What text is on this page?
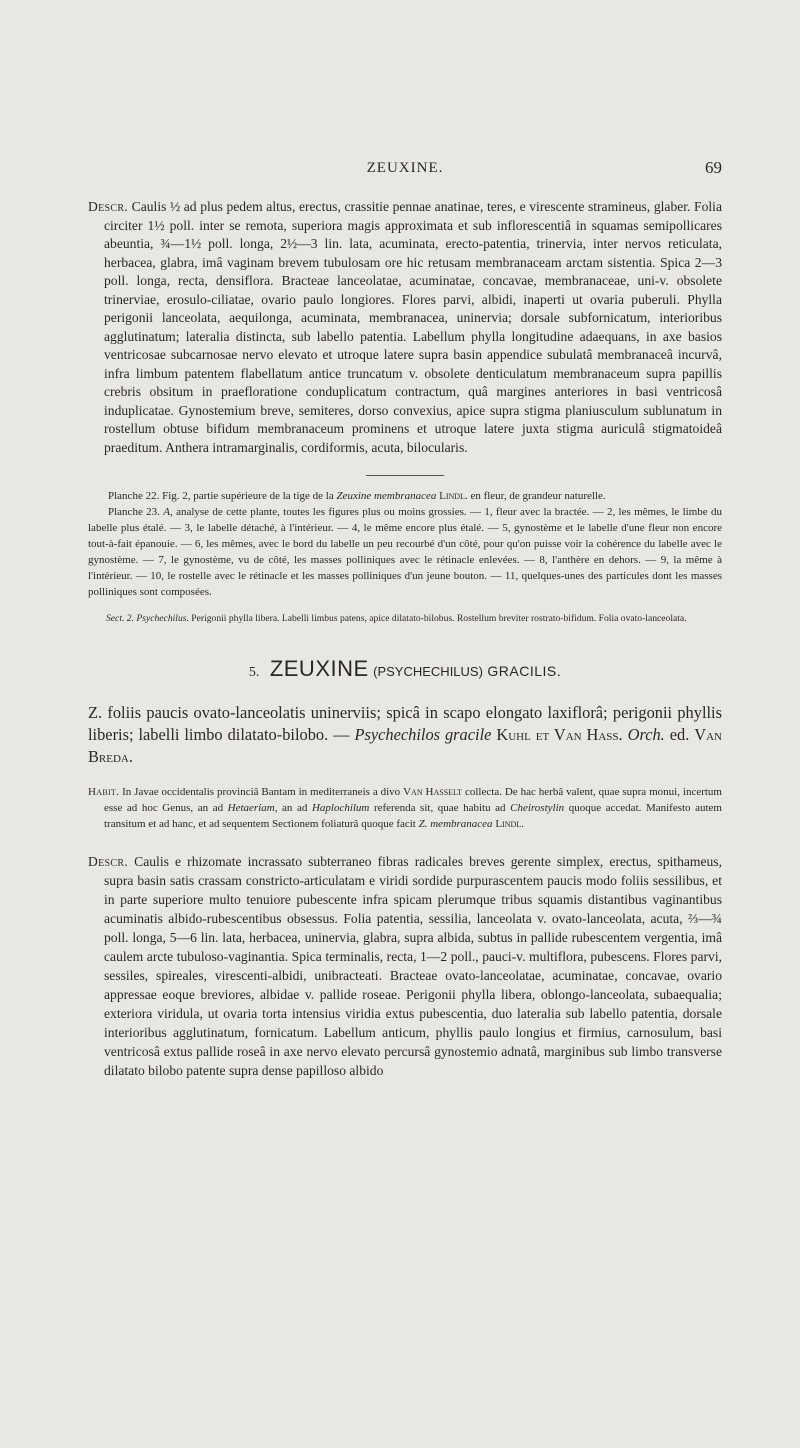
ZEUXINE.	69

Descr. Caulis ½ ad plus pedem altus, erectus, crassitie pennae anatinae, teres, e virescente stramineus, glaber. Folia circiter 1½ poll. inter se remota, superiora magis approximata et sub inflorescentiâ in squamas semipollicares abeuntia, ¾—1½ poll. longa, 2½—3 lin. lata, acuminata, erecto-patentia, trinervia, inter nervos reticulata, herbacea, glabra, imâ vaginam brevem tubulosam ore hic retusam membranaceam arctam sistentia. Spica 2—3 poll. longa, recta, densiflora. Bracteae lanceolatae, acuminatae, concavae, membranaceae, uni-v. obsolete trinerviae, erosulo-ciliatae, ovario paulo longiores. Flores parvi, albidi, inaperti ut ovaria puberuli. Phylla perigonii lanceolata, aequilonga, acuminata, membranacea, uninervia; dorsale subfornicatum, interioribus agglutinatum; lateralia distincta, sub labello patentia. Labellum phylla longitudine adaequans, in axe basios ventricosae subcarnosae nervo elevato et utroque latere supra basin appendice subulatâ membranaceâ incurvâ, infra limbum patentem flabellatum antice truncatum v. obsolete denticulatum membranaceum supra papillis crebris obsitum in praefloratione conduplicatum contractum, quâ margines anteriores in basi ventricosâ induplicatae. Gynostemium breve, semiteres, dorso convexius, apice supra stigma planiusculum sublunatum in rostellum obtuse bifidum membranaceum prominens et utroque latere juxta stigma auriculâ stigmatoideâ praeditum. Anthera intramarginalis, cordiformis, acuta, bilocularis.

Planche 22. Fig. 2, partie supérieure de la tige de la Zeuxine membranacea Lindl. en fleur, de grandeur naturelle.

Planche 23. A, analyse de cette plante, toutes les figures plus ou moins grossies. — 1, fleur avec la bractée. — 2, les mêmes, le limbe du labelle plus étalé. — 3, le labelle détaché, à l'intérieur. — 4, le même encore plus étalé. — 5, gynostème et le labelle d'une fleur non encore tout-à-fait épanouie. — 6, les mêmes, avec le bord du labelle un peu recourbé d'un côté, pour qu'on puisse voir la cohérence du labelle avec le gynostème. — 7, le gynostème, vu de côté, les masses polliniques avec le rétinacle enlevées. — 8, l'anthère en dehors. — 9, la même à l'intérieur. — 10, le rostelle avec le rétinacle et les masses polliniques d'un jeune bouton. — 11, quelques-unes des particules dont les masses polliniques sont composées.

Sect. 2. Psychechilus. Perigonii phylla libera. Labelli limbus patens, apice dilatato-bilobus. Rostellum breviter rostrato-bifidum. Folia ovato-lanceolata.

5. ZEUXINE (PSYCHECHILUS) GRACILIS.

Z. foliis paucis ovato-lanceolatis uninerviis; spicâ in scapo elongato laxiflorâ; perigonii phyllis liberis; labelli limbo dilatato-bilobo. — Psychechilos gracile Kuhl et Van Hass. Orch. ed. Van Breda.

Habit. In Javae occidentalis provinciâ Bantam in mediterraneis a divo Van Hasselt collecta. De hac herbâ valent, quae supra monui, incertum esse ad hoc Genus, an ad Hetaeriam, an ad Haplochilum referenda sit, quae habitu ad Cheirostylin quoque accedat. Manifesto autem transitum et ad hanc, et ad sequentem Sectionem foliaturâ quoque facit Z. membranacea Lindl.

Descr. Caulis e rhizomate incrassato subterraneo fibras radicales breves gerente simplex, erectus, spithameus, supra basin satis crassam constricto-articulatam e viridi sordide purpurascentem paucis modo foliis sessilibus, et in parte superiore multo tenuiore pubescente infra spicam plerumque tribus squamis distantibus vaginantibus acuminatis albido-rubescentibus obsessus. Folia patentia, sessilia, lanceolata v. ovato-lanceolata, acuta, ⅔—¾ poll. longa, 5—6 lin. lata, herbacea, uninervia, glabra, supra albida, subtus in pallide rubescentem vergentia, imâ caulem arcte tubuloso-vaginantia. Spica terminalis, recta, 1—2 poll., pauci-v. multiflora, pubescens. Flores parvi, sessiles, spireales, virescenti-albidi, unibracteati. Bracteae ovato-lanceolatae, acuminatae, concavae, ovario appressae eoque breviores, albidae v. pallide roseae. Perigonii phylla libera, oblongo-lanceolata, subaequalia; exteriora viridula, ut ovaria torta intensius viridia extus pubescentia, duo lateralia sub labello patentia, dorsale interioribus agglutinatum, fornicatum. Labellum anticum, phyllis paulo longius et firmius, carnosulum, basi ventricosâ extus pallide roseâ in axe nervo elevato percursâ gynostemio adnatâ, marginibus sub limbo transverse dilatato bilobo patente supra dense papilloso albido
